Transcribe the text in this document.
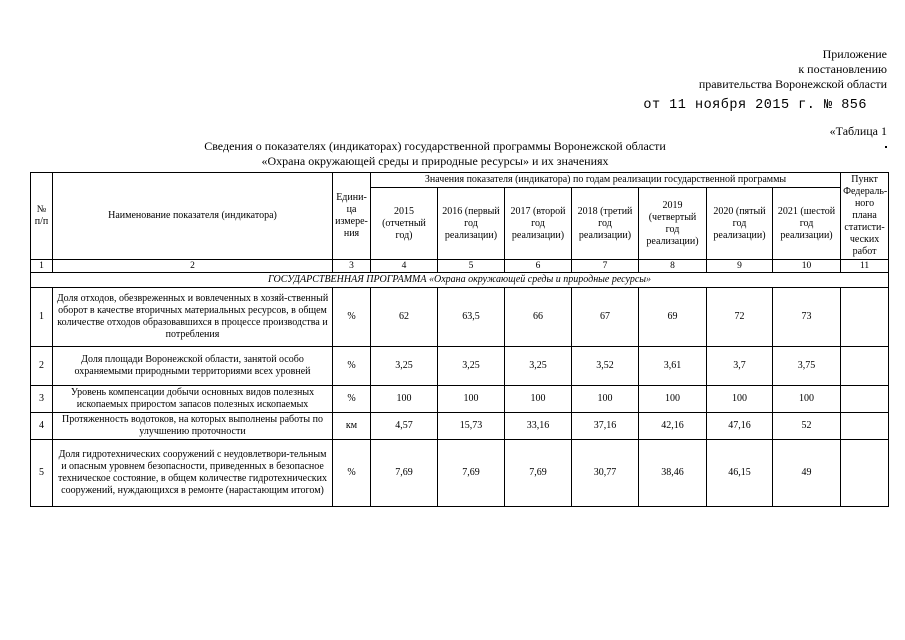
Приложение
к постановлению
правительства Воронежской области
от 11 ноября 2015 г. № 856
«Таблица 1
Сведения о показателях (индикаторах) государственной программы Воронежской области
«Охрана окружающей среды и природные ресурсы» и их значениях
№ п/п	Наименование показателя (индикатора)	Едини-ца измере-ния	Значения показателя (индикатора) по годам реализации государственной программы							Пункт Федераль-ного плана статисти-ческих работ
			2015 (отчетный год)	2016 (первый год реализации)	2017 (второй год реализации)	2018 (третий год реализации)	2019 (четвертый год реализации)	2020 (пятый год реализации)	2021 (шестой год реализации)	
1	2	3	4	5	6	7	8	9	10	11
ГОСУДАРСТВЕННАЯ ПРОГРАММА «Охрана окружающей среды и природные ресурсы»										
1	Доля отходов, обезвреженных и вовлеченных в хозяй-ственный оборот в качестве вторичных материальных ресурсов, в общем количестве отходов образовавшихся в процессе производства и потребления	%	62	63,5	66	67	69	72	73	
2	Доля площади Воронежской области, занятой особо охраняемыми природными территориями всех уровней	%	3,25	3,25	3,25	3,52	3,61	3,7	3,75	
3	Уровень компенсации добычи основных видов полезных ископаемых приростом запасов полезных ископаемых	%	100	100	100	100	100	100	100	
4	Протяженность водотоков, на которых выполнены работы по улучшению проточности	км	4,57	15,73	33,16	37,16	42,16	47,16	52	
5	Доля гидротехнических сооружений с неудовлетвори-тельным и опасным уровнем безопасности, приведенных в безопасное техническое состояние, в общем количестве гидротехнических сооружений, нуждающихся в ремонте (нарастающим итогом)	%	7,69	7,69	7,69	30,77	38,46	46,15	49	
